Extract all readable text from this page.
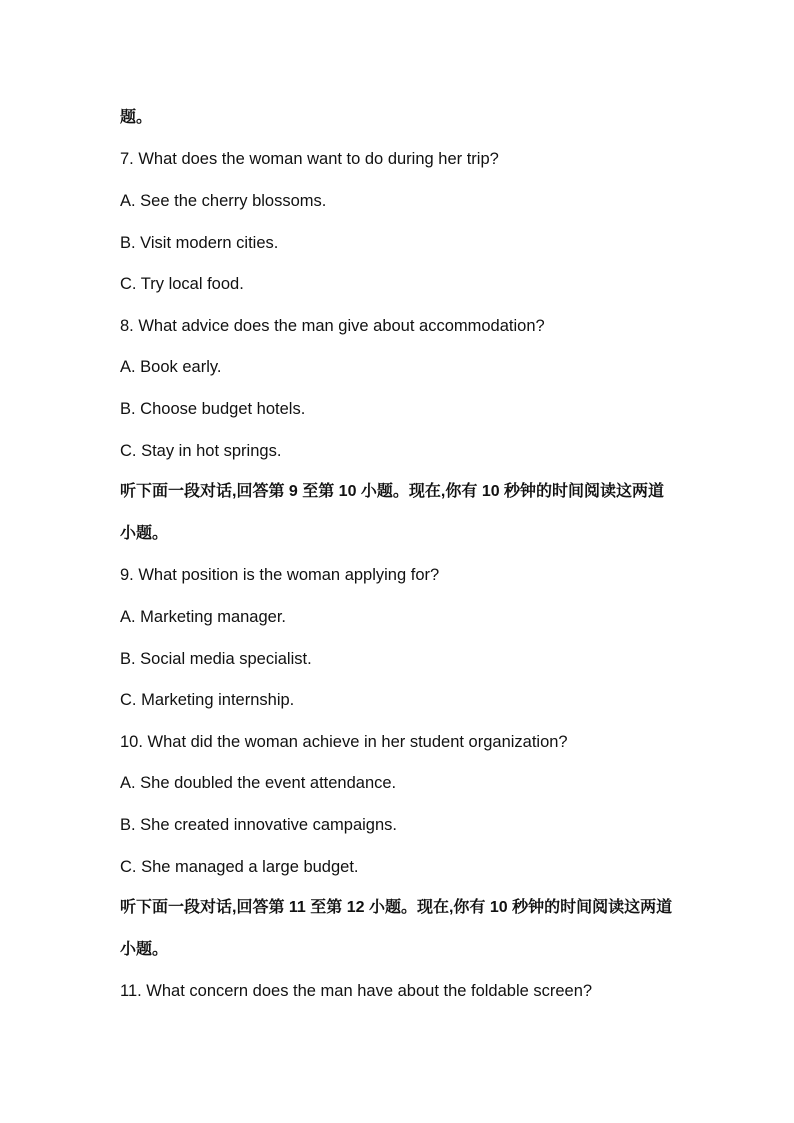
题。

7. What does the woman want to do during her trip?

A. See the cherry blossoms.

B. Visit modern cities.

C. Try local food.

8. What advice does the man give about accommodation?

A. Book early.

B. Choose budget hotels.

C. Stay in hot springs.

听下面一段对话,回答第 9 至第 10 小题。现在,你有 10 秒钟的时间阅读这两道

小题。

9. What position is the woman applying for?

A. Marketing manager.

B. Social media specialist.

C. Marketing internship.

10. What did the woman achieve in her student organization?

A. She doubled the event attendance.

B. She created innovative campaigns.

C. She managed a large budget.

听下面一段对话,回答第 11 至第 12 小题。现在,你有 10 秒钟的时间阅读这两道

小题。

11. What concern does the man have about the foldable screen?
